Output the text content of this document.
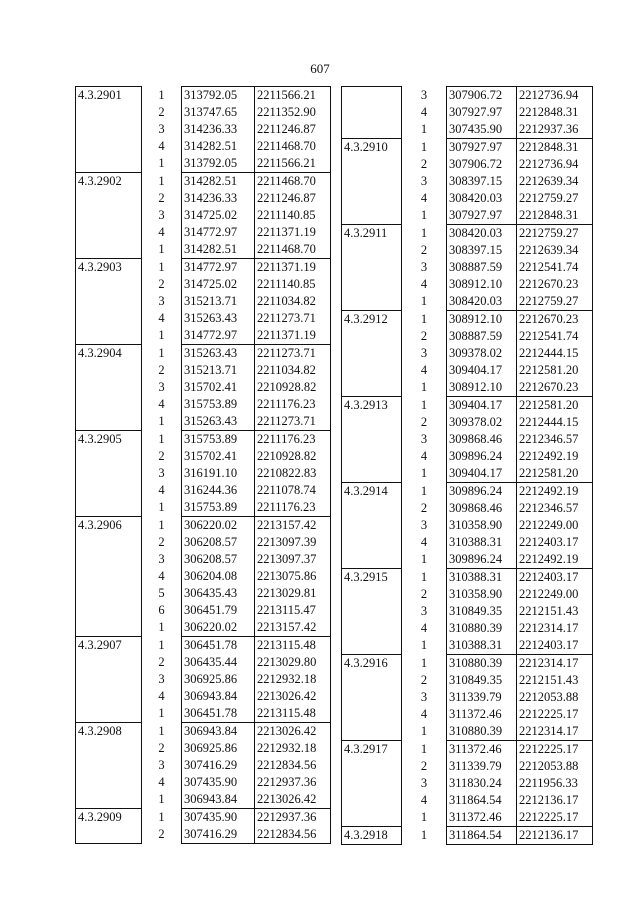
607
4.3.2901	1	313792.05	2211566.21
	2	313747.65	2211352.90
	3	314236.33	2211246.87
	4	314282.51	2211468.70
	1	313792.05	2211566.21
4.3.2902	1	314282.51	2211468.70
	2	314236.33	2211246.87
	3	314725.02	2211140.85
	4	314772.97	2211371.19
	1	314282.51	2211468.70
4.3.2903	1	314772.97	2211371.19
	2	314725.02	2211140.85
	3	315213.71	2211034.82
	4	315263.43	2211273.71
	1	314772.97	2211371.19
4.3.2904	1	315263.43	2211273.71
	2	315213.71	2211034.82
	3	315702.41	2210928.82
	4	315753.89	2211176.23
	1	315263.43	2211273.71
4.3.2905	1	315753.89	2211176.23
	2	315702.41	2210928.82
	3	316191.10	2210822.83
	4	316244.36	2211078.74
	1	315753.89	2211176.23
4.3.2906	1	306220.02	2213157.42
	2	306208.57	2213097.39
	3	306208.57	2213097.37
	4	306204.08	2213075.86
	5	306435.43	2213029.81
	6	306451.79	2213115.47
	1	306220.02	2213157.42
4.3.2907	1	306451.78	2213115.48
	2	306435.44	2213029.80
	3	306925.86	2212932.18
	4	306943.84	2213026.42
	1	306451.78	2213115.48
4.3.2908	1	306943.84	2213026.42
	2	306925.86	2212932.18
	3	307416.29	2212834.56
	4	307435.90	2212937.36
	1	306943.84	2213026.42
4.3.2909	1	307435.90	2212937.36
	2	307416.29	2212834.56
	3	307906.72	2212736.94
	4	307927.97	2212848.31
	1	307435.90	2212937.36
4.3.2910	1	307927.97	2212848.31
	2	307906.72	2212736.94
	3	308397.15	2212639.34
	4	308420.03	2212759.27
	1	307927.97	2212848.31
4.3.2911	1	308420.03	2212759.27
	2	308397.15	2212639.34
	3	308887.59	2212541.74
	4	308912.10	2212670.23
	1	308420.03	2212759.27
4.3.2912	1	308912.10	2212670.23
	2	308887.59	2212541.74
	3	309378.02	2212444.15
	4	309404.17	2212581.20
	1	308912.10	2212670.23
4.3.2913	1	309404.17	2212581.20
	2	309378.02	2212444.15
	3	309868.46	2212346.57
	4	309896.24	2212492.19
	1	309404.17	2212581.20
4.3.2914	1	309896.24	2212492.19
	2	309868.46	2212346.57
	3	310358.90	2212249.00
	4	310388.31	2212403.17
	1	309896.24	2212492.19
4.3.2915	1	310388.31	2212403.17
	2	310358.90	2212249.00
	3	310849.35	2212151.43
	4	310880.39	2212314.17
	1	310388.31	2212403.17
4.3.2916	1	310880.39	2212314.17
	2	310849.35	2212151.43
	3	311339.79	2212053.88
	4	311372.46	2212225.17
	1	310880.39	2212314.17
4.3.2917	1	311372.46	2212225.17
	2	311339.79	2212053.88
	3	311830.24	2211956.33
	4	311864.54	2212136.17
	1	311372.46	2212225.17
4.3.2918	1	311864.54	2212136.17
